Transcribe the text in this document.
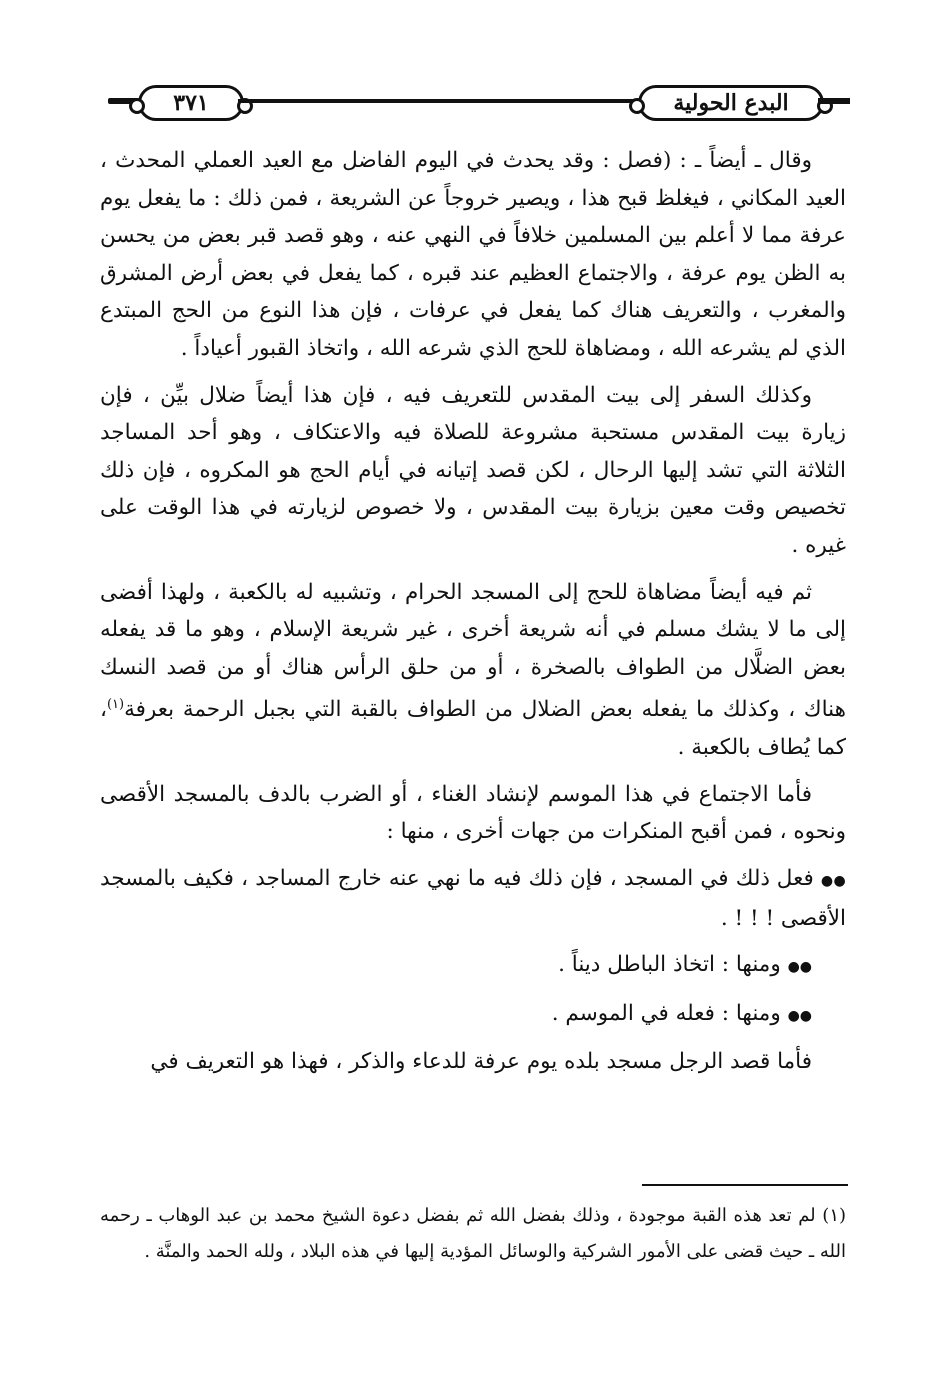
٣٧١	البدع الحولية

وقال ـ أيضاً ـ : (فصل : وقد يحدث في اليوم الفاضل مع العيد العملي المحدث ، العيد المكاني ، فيغلظ قبح هذا ، ويصير خروجاً عن الشريعة ، فمن ذلك : ما يفعل يوم عرفة مما لا أعلم بين المسلمين خلافاً في النهي عنه ، وهو قصد قبر بعض من يحسن به الظن يوم عرفة ، والاجتماع العظيم عند قبره ، كما يفعل في بعض أرض المشرق والمغرب ، والتعريف هناك كما يفعل في عرفات ، فإن هذا النوع من الحج المبتدع الذي لم يشرعه الله ، ومضاهاة للحج الذي شرعه الله ، واتخاذ القبور أعياداً .

وكذلك السفر إلى بيت المقدس للتعريف فيه ، فإن هذا أيضاً ضلال بيِّن ، فإن زيارة بيت المقدس مستحبة مشروعة للصلاة فيه والاعتكاف ، وهو أحد المساجد الثلاثة التي تشد إليها الرحال ، لكن قصد إتيانه في أيام الحج هو المكروه ، فإن ذلك تخصيص وقت معين بزيارة بيت المقدس ، ولا خصوص لزيارته في هذا الوقت على غيره .

ثم فيه أيضاً مضاهاة للحج إلى المسجد الحرام ، وتشبيه له بالكعبة ، ولهذا أفضى إلى ما لا يشك مسلم في أنه شريعة أخرى ، غير شريعة الإسلام ، وهو ما قد يفعله بعض الضلَّال من الطواف بالصخرة ، أو من حلق الرأس هناك أو من قصد النسك هناك ، وكذلك ما يفعله بعض الضلال من الطواف بالقبة التي بجبل الرحمة بعرفة$^{(١)}$، كما يُطاف بالكعبة .

فأما الاجتماع في هذا الموسم لإنشاد الغناء ، أو الضرب بالدف بالمسجد الأقصى ونحوه ، فمن أقبح المنكرات من جهات أخرى ، منها :

●● فعل ذلك في المسجد ، فإن ذلك فيه ما نهي عنه خارج المساجد ، فكيف بالمسجد الأقصى ! ! ! .

●● ومنها : اتخاذ الباطل ديناً .

●● ومنها : فعله في الموسم .

فأما قصد الرجل مسجد بلده يوم عرفة للدعاء والذكر ، فهذا هو التعريف في

(١) لم تعد هذه القبة موجودة ، وذلك بفضل الله ثم بفضل دعوة الشيخ محمد بن عبد الوهاب ـ رحمه الله ـ حيث قضى على الأمور الشركية والوسائل المؤدية إليها في هذه البلاد ، ولله الحمد والمنَّة .
